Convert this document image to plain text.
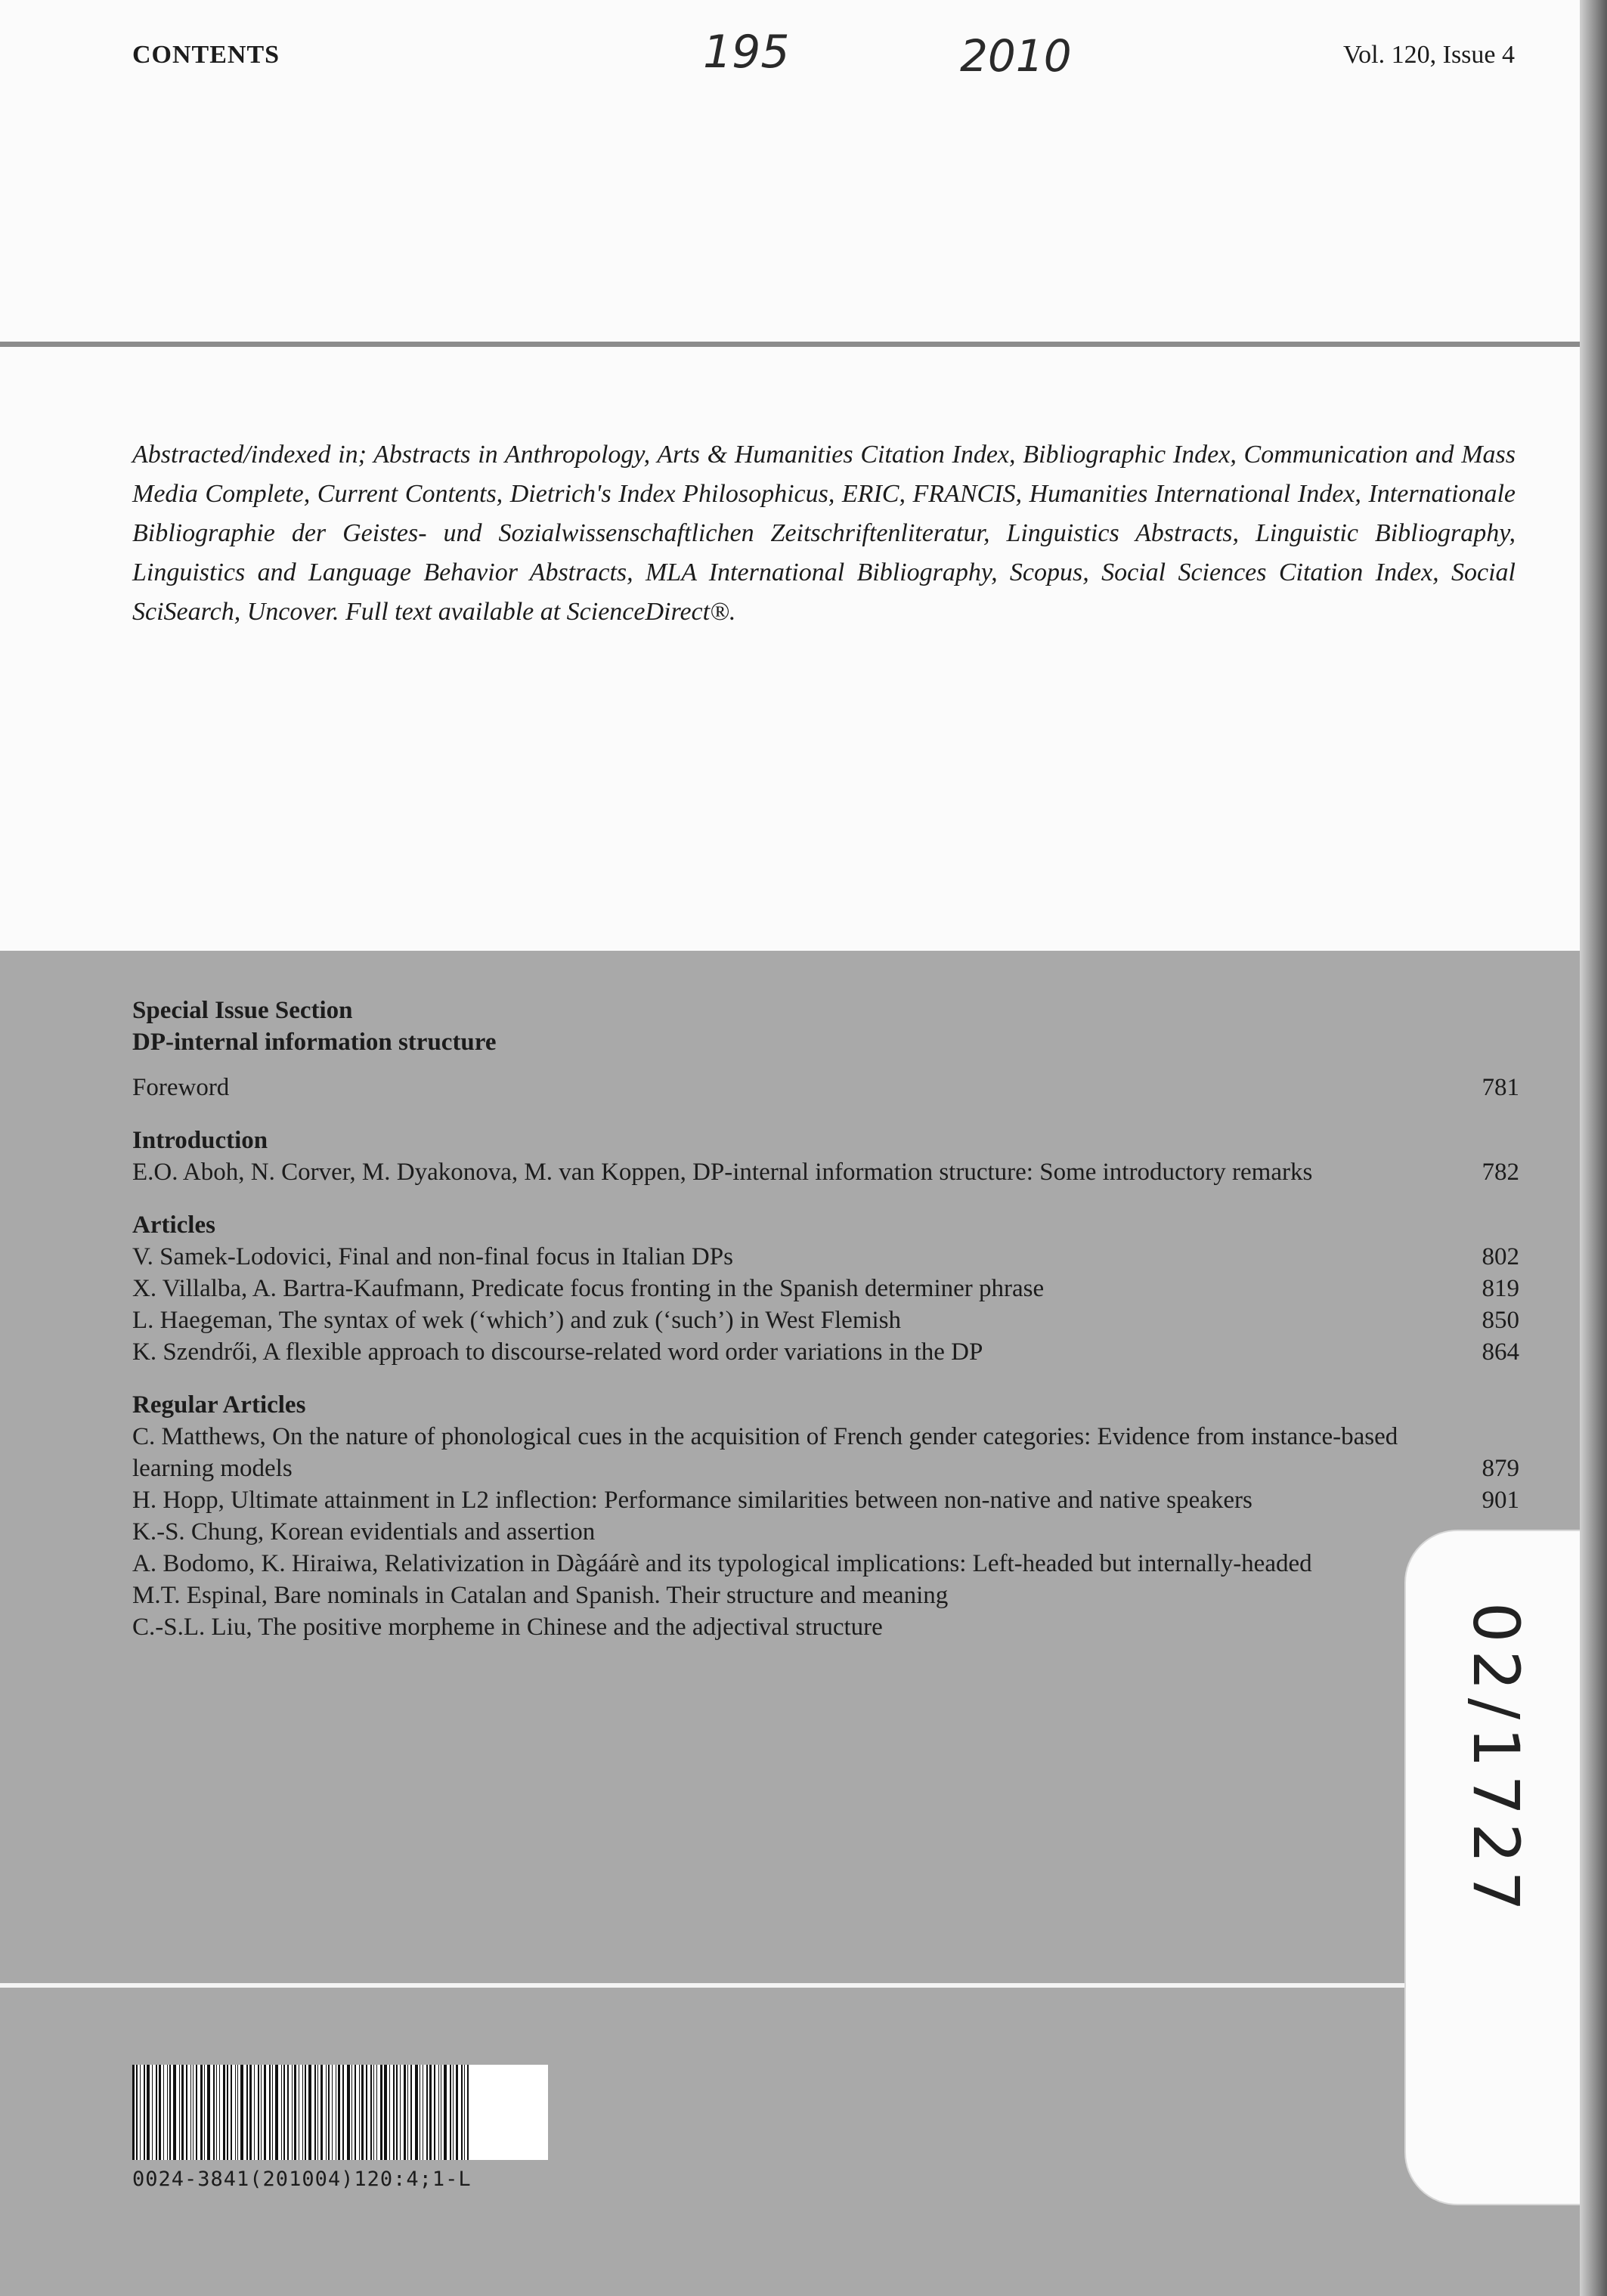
CONTENTS	195	2010	Vol. 120, Issue 4
Abstracted/indexed in; Abstracts in Anthropology, Arts & Humanities Citation Index, Bibliographic Index, Communication and Mass Media Complete, Current Contents, Dietrich's Index Philosophicus, ERIC, FRANCIS, Humanities International Index, Internationale Bibliographie der Geistes- und Sozialwissenschaftlichen Zeitschriftenliteratur, Linguistics Abstracts, Linguistic Bibliography, Linguistics and Language Behavior Abstracts, MLA International Bibliography, Scopus, Social Sciences Citation Index, Social SciSearch, Uncover. Full text available at ScienceDirect®.
Special Issue Section
DP-internal information structure
Foreword	781
Introduction
E.O. Aboh, N. Corver, M. Dyakonova, M. van Koppen, DP-internal information structure: Some introductory remarks	782
Articles
V. Samek-Lodovici, Final and non-final focus in Italian DPs	802
X. Villalba, A. Bartra-Kaufmann, Predicate focus fronting in the Spanish determiner phrase	819
L. Haegeman, The syntax of wek (‘which’) and zuk (‘such’) in West Flemish	850
K. Szendrői, A flexible approach to discourse-related word order variations in the DP	864
Regular Articles
C. Matthews, On the nature of phonological cues in the acquisition of French gender categories: Evidence from instance-based learning models	879
H. Hopp, Ultimate attainment in L2 inflection: Performance similarities between non-native and native speakers	901
K.-S. Chung, Korean evidentials and assertion
A. Bodomo, K. Hiraiwa, Relativization in Dàgáárè and its typological implications: Left-headed but internally-headed
M.T. Espinal, Bare nominals in Catalan and Spanish. Their structure and meaning
C.-S.L. Liu, The positive morpheme in Chinese and the adjectival structure
0024-3841(201004)120:4;1-L
02/1727
